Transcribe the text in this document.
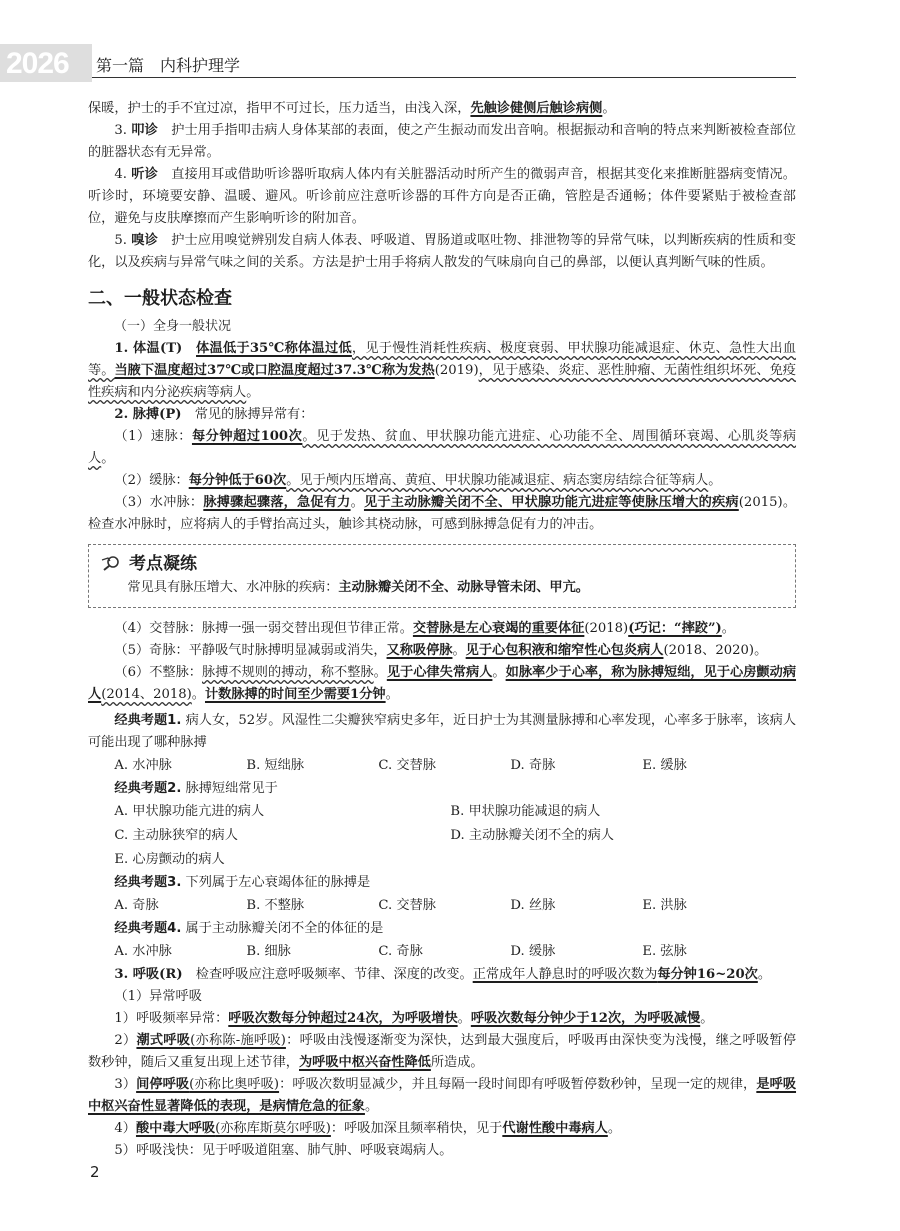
2026 第一篇　内科护理学

保暖，护士的手不宜过凉，指甲不可过长，压力适当，由浅入深，先触诊健侧后触诊病侧。

3. 叩诊　 护士用手指叩击病人身体某部的表面，使之产生振动而发出音响。根据振动和音响的特点来判断被检查部位的脏器状态有无异常。

4. 听诊　 直接用耳或借助听诊器听取病人体内有关脏器活动时所产生的微弱声音，根据其变化来推断脏器病变情况。听诊时，环境要安静、温暖、避风。听诊前应注意听诊器的耳件方向是否正确，管腔是否通畅；体件要紧贴于被检查部位，避免与皮肤摩擦而产生影响听诊的附加音。

5. 嗅诊　 护士应用嗅觉辨别发自病人体表、呼吸道、胃肠道或呕吐物、排泄物等的异常气味，以判断疾病的性质和变化，以及疾病与异常气味之间的关系。方法是护士用手将病人散发的气味扇向自己的鼻部，以便认真判断气味的性质。

二、一般状态检查
（一）全身一般状况

1. 体温(T)　 体温低于35℃称体温过低，见于慢性消耗性疾病、极度衰弱、甲状腺功能减退症、休克、急性大出血等。当腋下温度超过37℃或口腔温度超过37.3℃称为发热(2019)，见于感染、炎症、恶性肿瘤、无菌性组织坏死、免疫性疾病和内分泌疾病等病人。

2. 脉搏(P)　 常见的脉搏异常有：

（1）速脉：每分钟超过100次。见于发热、贫血、甲状腺功能亢进症、心功能不全、周围循环衰竭、心肌炎等病人。

（2）缓脉：每分钟低于60次。见于颅内压增高、黄疸、甲状腺功能减退症、病态窦房结综合征等病人。

（3）水冲脉：脉搏骤起骤落，急促有力。见于主动脉瓣关闭不全、甲状腺功能亢进症等使脉压增大的疾病(2015)。检查水冲脉时，应将病人的手臂抬高过头，触诊其桡动脉，可感到脉搏急促有力的冲击。

考点凝练
常见具有脉压增大、水冲脉的疾病：主动脉瓣关闭不全、动脉导管未闭、甲亢。

（4）交替脉：脉搏一强一弱交替出现但节律正常。交替脉是左心衰竭的重要体征(2018)(巧记：“摔跤”)。

（5）奇脉：平静吸气时脉搏明显减弱或消失，又称吸停脉。见于心包积液和缩窄性心包炎病人(2018、2020)。

（6）不整脉：脉搏不规则的搏动，称不整脉。见于心律失常病人。如脉率少于心率，称为脉搏短绌，见于心房颤动病人(2014、2018)。计数脉搏的时间至少需要1分钟。

经典考题1. 病人女，52岁。风湿性二尖瓣狭窄病史多年，近日护士为其测量脉搏和心率发现，心率多于脉率，该病人可能出现了哪种脉搏

A. 水冲脉	B. 短绌脉	C. 交替脉	D. 奇脉	E. 缓脉

经典考题2. 脉搏短绌常见于

A. 甲状腺功能亢进的病人	B. 甲状腺功能减退的病人
C. 主动脉狭窄的病人	D. 主动脉瓣关闭不全的病人
E. 心房颤动的病人

经典考题3. 下列属于左心衰竭体征的脉搏是

A. 奇脉	B. 不整脉	C. 交替脉	D. 丝脉	E. 洪脉

经典考题4. 属于主动脉瓣关闭不全的体征的是

A. 水冲脉	B. 细脉	C. 奇脉	D. 缓脉	E. 弦脉

3. 呼吸(R)　 检查呼吸应注意呼吸频率、节律、深度的改变。正常成年人静息时的呼吸次数为每分钟16~20次。

（1）异常呼吸

1）呼吸频率异常：呼吸次数每分钟超过24次，为呼吸增快。呼吸次数每分钟少于12次，为呼吸减慢。

2）潮式呼吸(亦称陈-施呼吸)：呼吸由浅慢逐渐变为深快，达到最大强度后，呼吸再由深快变为浅慢，继之呼吸暂停数秒钟，随后又重复出现上述节律，为呼吸中枢兴奋性降低所造成。

3）间停呼吸(亦称比奥呼吸)：呼吸次数明显减少，并且每隔一段时间即有呼吸暂停数秒钟，呈现一定的规律，是呼吸中枢兴奋性显著降低的表现，是病情危急的征象。

4）酸中毒大呼吸(亦称库斯莫尔呼吸)：呼吸加深且频率稍快，见于代谢性酸中毒病人。

5）呼吸浅快：见于呼吸道阻塞、肺气肿、呼吸衰竭病人。

2
